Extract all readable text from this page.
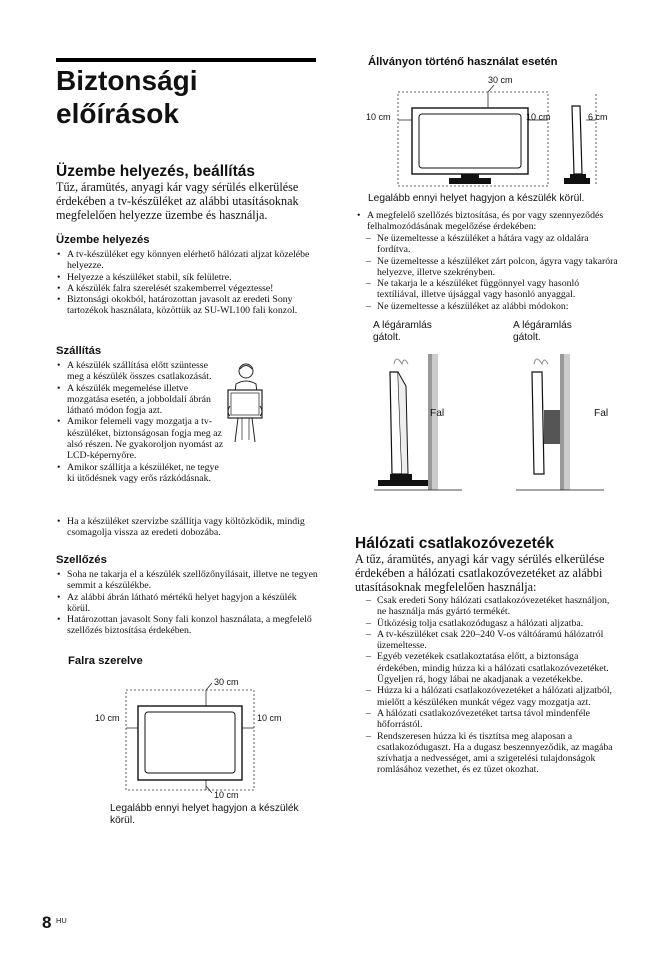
Biztonsági
előírások
Üzembe helyezés, beállítás
Tűz, áramütés, anyagi kár vagy sérülés elkerülése érdekében a tv-készüléket az alábbi utasításoknak megfelelően helyezze üzembe és használja.
Üzembe helyezés
• A tv-készüléket egy könnyen elérhető hálózati aljzat közelébe helyezze.
• Helyezze a készüléket stabil, sík felületre.
• A készülék falra szerelését szakemberrel végeztesse!
• Biztonsági okokból, határozottan javasolt az eredeti Sony tartozékok használata, közöttük az SU-WL100 fali konzol.
Szállítás
• A készülék szállítása előtt szüntesse meg a készülék összes csatlakozását.
• A készülék megemelése illetve mozgatása esetén, a jobboldali ábrán látható módon fogja azt.
• Amikor felemeli vagy mozgatja a tv-készüléket, biztonságosan fogja meg az alsó részen. Ne gyakoroljon nyomást az LCD-képernyőre.
• Amikor szállítja a készüléket, ne tegye ki ütődésnek vagy erős rázkódásnak.
• Ha a készüléket szervizbe szállítja vagy költözködik, mindig csomagolja vissza az eredeti dobozába.
Szellőzés
• Soha ne takarja el a készülék szellőzőnyílásait, illetve ne tegyen semmit a készülékbe.
• Az alábbi ábrán látható mértékű helyet hagyjon a készülék körül.
• Határozottan javasolt Sony fali konzol használata, a megfelelő szellőzés biztosítása érdekében.
Falra szerelve
30 cm
10 cm	10 cm
10 cm
Legalább ennyi helyet hagyjon a készülék körül.
8 HU
Állványon történő használat esetén
30 cm
10 cm	10 cm	6 cm
Legalább ennyi helyet hagyjon a készülék körül.
• A megfelelő szellőzés biztosítása, és por vagy szennyeződés felhalmozódásának megelőzése érdekében:
– Ne üzemeltesse a készüléket a hátára vagy az oldalára fordítva.
– Ne üzemeltesse a készüléket zárt polcon, ágyra vagy takaróra helyezve, illetve szekrényben.
– Ne takarja le a készüléket függönnyel vagy hasonló textíliával, illetve újsággal vagy hasonló anyaggal.
– Ne üzemeltesse a készüléket az alábbi módokon:
A légáramlás gátolt.
A légáramlás gátolt.
Fal	Fal
Hálózati csatlakozóvezeték
A tűz, áramütés, anyagi kár vagy sérülés elkerülése érdekében a hálózati csatlakozóvezetéket az alábbi utasításoknak megfelelően használja:
– Csak eredeti Sony hálózati csatlakozóvezetéket használjon, ne használja más gyártó termékét.
– Ütközésig tolja csatlakozódugasz a hálózati aljzatba.
– A tv-készüléket csak 220–240 V-os váltóáramú hálózatról üzemeltesse.
– Egyéb vezetékek csatlakoztatása előtt, a biztonsága érdekében, mindig húzza ki a hálózati csatlakozóvezetéket. Ügyeljen rá, hogy lábai ne akadjanak a vezetékekbe.
– Húzza ki a hálózati csatlakozóvezetéket a hálózati aljzatból, mielőtt a készüléken munkát végez vagy mozgatja azt.
– A hálózati csatlakozóvezetéket tartsa távol mindenféle hőforrástól.
– Rendszeresen húzza ki és tisztítsa meg alaposan a csatlakozódugaszt. Ha a dugasz beszennyeződik, az magába szívhatja a nedvességet, ami a szigetelési tulajdonságok romlásához vezethet, és ez tüzet okozhat.
